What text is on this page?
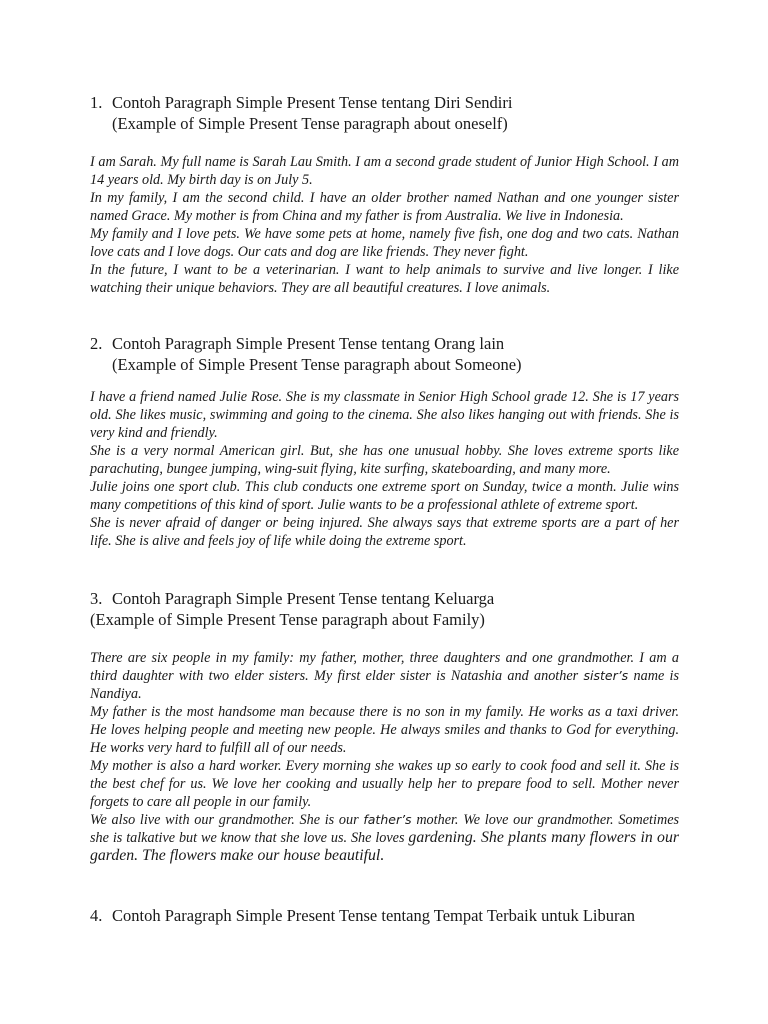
1. Contoh Paragraph Simple Present Tense tentang Diri Sendiri
(Example of Simple Present Tense paragraph about oneself)

I am Sarah. My full name is Sarah Lau Smith. I am a second grade student of Junior High School. I am 14 years old. My birth day is on July 5.

In my family, I am the second child. I have an older brother named Nathan and one younger sister named Grace. My mother is from China and my father is from Australia. We live in Indonesia.

My family and I love pets. We have some pets at home, namely five fish, one dog and two cats. Nathan love cats and I love dogs. Our cats and dog are like friends. They never fight.

In the future, I want to be a veterinarian. I want to help animals to survive and live longer. I like watching their unique behaviors. They are all beautiful creatures. I love animals.

2. Contoh Paragraph Simple Present Tense tentang Orang lain
(Example of Simple Present Tense paragraph about Someone)

I have a friend named Julie Rose. She is my classmate in Senior High School grade 12. She is 17 years old. She likes music, swimming and going to the cinema. She also likes hanging out with friends. She is very kind and friendly.

She is a very normal American girl. But, she has one unusual hobby. She loves extreme sports like parachuting, bungee jumping, wing-suit flying, kite surfing, skateboarding, and many more.

Julie joins one sport club. This club conducts one extreme sport on Sunday, twice a month. Julie wins many competitions of this kind of sport. Julie wants to be a professional athlete of extreme sport.

She is never afraid of danger or being injured. She always says that extreme sports are a part of her life. She is alive and feels joy of life while doing the extreme sport.

3. Contoh Paragraph Simple Present Tense tentang Keluarga
(Example of Simple Present Tense paragraph about Family)

There are six people in my family: my father, mother, three daughters and one grandmother. I am a third daughter with two elder sisters. My first elder sister is Natashia and another sister’s name is Nandiya.

My father is the most handsome man because there is no son in my family. He works as a taxi driver. He loves helping people and meeting new people. He always smiles and thanks to God for everything. He works very hard to fulfill all of our needs.

My mother is also a hard worker. Every morning she wakes up so early to cook food and sell it. She is the best chef for us. We love her cooking and usually help her to prepare food to sell. Mother never forgets to care all people in our family.

We also live with our grandmother. She is our father’s mother. We love our grandmother. Sometimes she is talkative but we know that she love us. She loves gardening. She plants many flowers in our garden. The flowers make our house beautiful.

4. Contoh Paragraph Simple Present Tense tentang Tempat Terbaik untuk Liburan
